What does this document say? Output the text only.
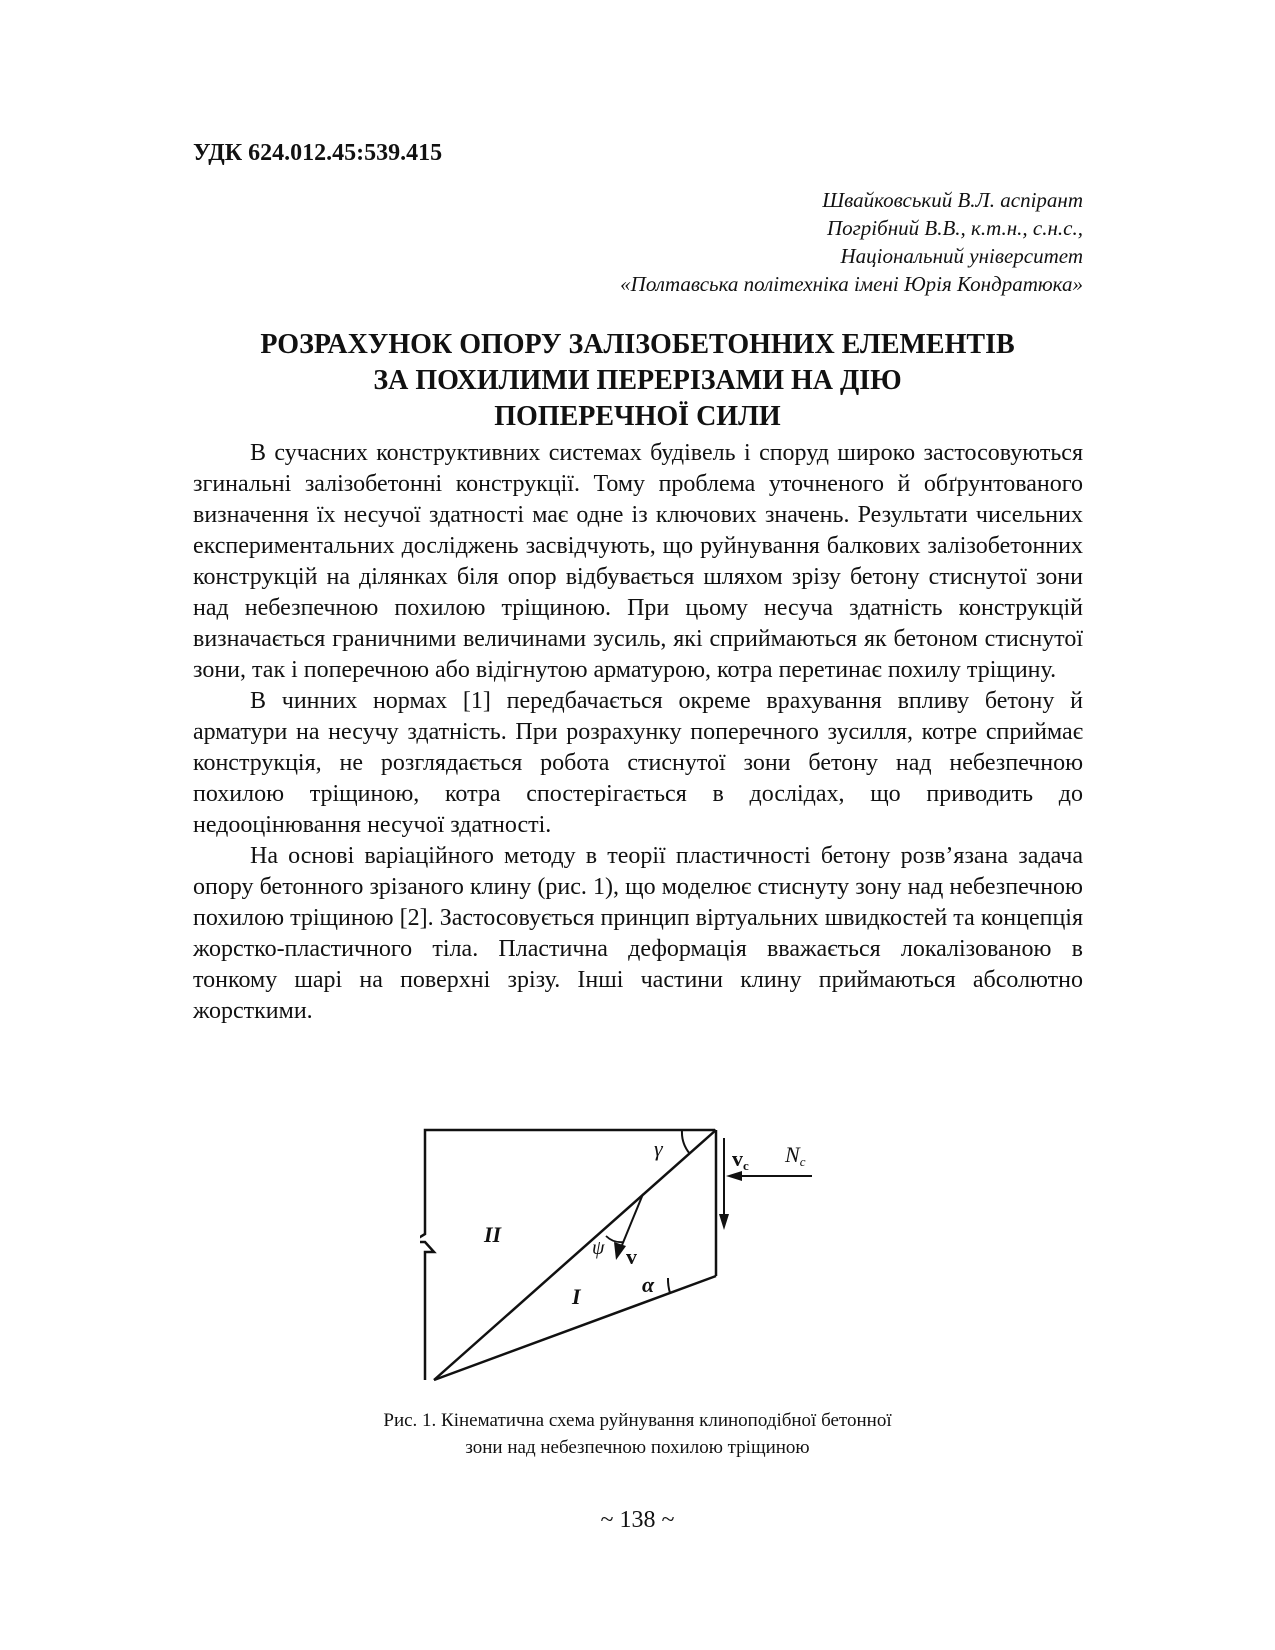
УДК 624.012.45:539.415
Швайковський В.Л. аспірант
Погрібний В.В., к.т.н., с.н.с.,
Національний університет
«Полтавська політехніка імені Юрія Кондратюка»
РОЗРАХУНОК ОПОРУ ЗАЛІЗОБЕТОННИХ ЕЛЕМЕНТІВ
ЗА ПОХИЛИМИ ПЕРЕРІЗАМИ НА ДІЮ
ПОПЕРЕЧНОЇ СИЛИ

В сучасних конструктивних системах будівель і споруд широко застосовуються згинальні залізобетонні конструкції. Тому проблема уточненого й обґрунтованого визначення їх несучої здатності має одне із ключових значень. Результати чисельних експериментальних досліджень засвідчують, що руйнування балкових залізобетонних конструкцій на ділянках біля опор відбувається шляхом зрізу бетону стиснутої зони над небезпечною похилою тріщиною. При цьому несуча здатність конструкцій визначається граничними величинами зусиль, які сприймаються як бетоном стиснутої зони, так і поперечною або відігнутою арматурою, котра перетинає похилу тріщину.

В чинних нормах [1] передбачається окреме врахування впливу бетону й арматури на несучу здатність. При розрахунку поперечного зусилля, котре сприймає конструкція, не розглядається робота стиснутої зони бетону над небезпечною похилою тріщиною, котра спостерігається в дослідах, що приводить до недооцінювання несучої здатності.

На основі варіаційного методу в теорії пластичності бетону розв’язана задача опору бетонного зрізаного клину (рис. 1), що моделює стиснуту зону над небезпечною похилою тріщиною [2]. Застосовується принцип віртуальних швидкостей та концепція жорстко-пластичного тіла. Пластична деформація вважається локалізованою в тонкому шарі на поверхні зрізу. Інші частини клину приймаються абсолютно жорсткими.

γ	vc Nc
II
I
ψ v
α
Рис. 1. Кінематична схема руйнування клиноподібної бетонної
зони над небезпечною похилою тріщиною
~ 138 ~
